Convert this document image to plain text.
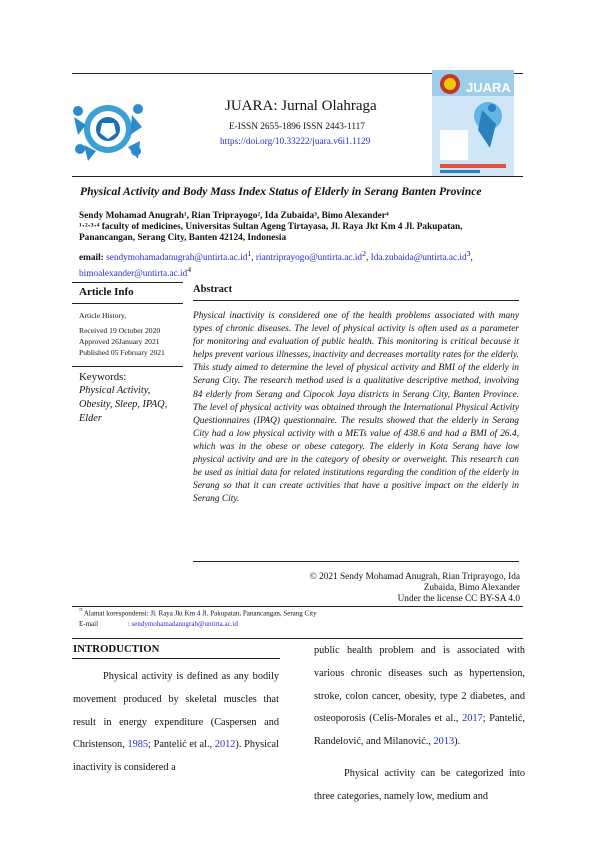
JUARA: Jurnal Olahraga
E-ISSN 2655-1896 ISSN 2443-1117
https://doi.org/10.33222/juara.v6i1.1129
JUARA
Physical Activity and Body Mass Index Status of Elderly in Serang Banten Province
Sendy Mohamad Anugrah¹, Rian Triprayogo², Ida Zubaida³, Bimo Alexander⁴
¹·²·³·⁴ faculty of medicines, Universitas Sultan Ageng Tirtayasa, Jl. Raya Jkt Km 4 Jl. Pakupatan,
Panancangan, Serang City, Banten 42124, Indonesia
email: $sendymohamadanugrah@untirta.ac.id^1$, $riantriprayogo@untirta.ac.id^2$, $Ida.zubaida@untirta.ac.id^3$,
$bimoalexander@untirta.ac.id^4$
Article Info
Article History,
Received 19 October 2020
Approved 26January 2021
Published 05 February 2021
Keywords:
Physical Activity, Obesity, Sleep, IPAQ, Elder
Abstract
Physical inactivity is considered one of the health problems associated with many types of chronic diseases. The level of physical activity is often used as a parameter for monitoring and evaluation of public health. This monitoring is critical because it helps prevent various illnesses, inactivity and decreases mortality rates for the elderly. This study aimed to determine the level of physical activity and BMI of the elderly in Serang City. The research method used is a qualitative descriptive method, involving 84 elderly from Serang and Cipocok Jaya districts in Serang City, Banten Province. The level of physical activity was obtained through the International Physical Activity Questionnaires (IPAQ) questionnaire. The results showed that the elderly in Serang City had a low physical activity with a METs value of 438.6 and had a BMI of 26.4, which was in the obese or obese category. The elderly in Kota Serang have low physical activity and are in the category of obesity or overweight. This research can be used as initial data for related institutions regarding the condition of the elderly in Serang so that it can create activities that have a positive impact on the elderly in Serang City.
© 2021 Sendy Mohamad Anugrah, Rian Triprayogo, Ida Zubaida, Bimo Alexander
Under the license CC BY-SA 4.0
$^{^{22}}$ Alamat korespondensi: Jl. Raya Jkt Km 4 Jl. Pakupatan, Panancangan, Serang City
E-mail	: sendymohamadanugrah@untirta.ac.id
INTRODUCTION

Physical activity is defined as any bodily movement produced by skeletal muscles that result in energy expenditure (Caspersen and Christenson, 1985; Pantelić et al., 2012). Physical inactivity is considered a

public health problem and is associated with various chronic diseases such as hypertension, stroke, colon cancer, obesity, type 2 diabetes, and osteoporosis (Celis-Morales et al., 2017; Pantelić, Randelović, and Milanović., 2013).

Physical activity can be categorized into three categories, namely low, medium and
